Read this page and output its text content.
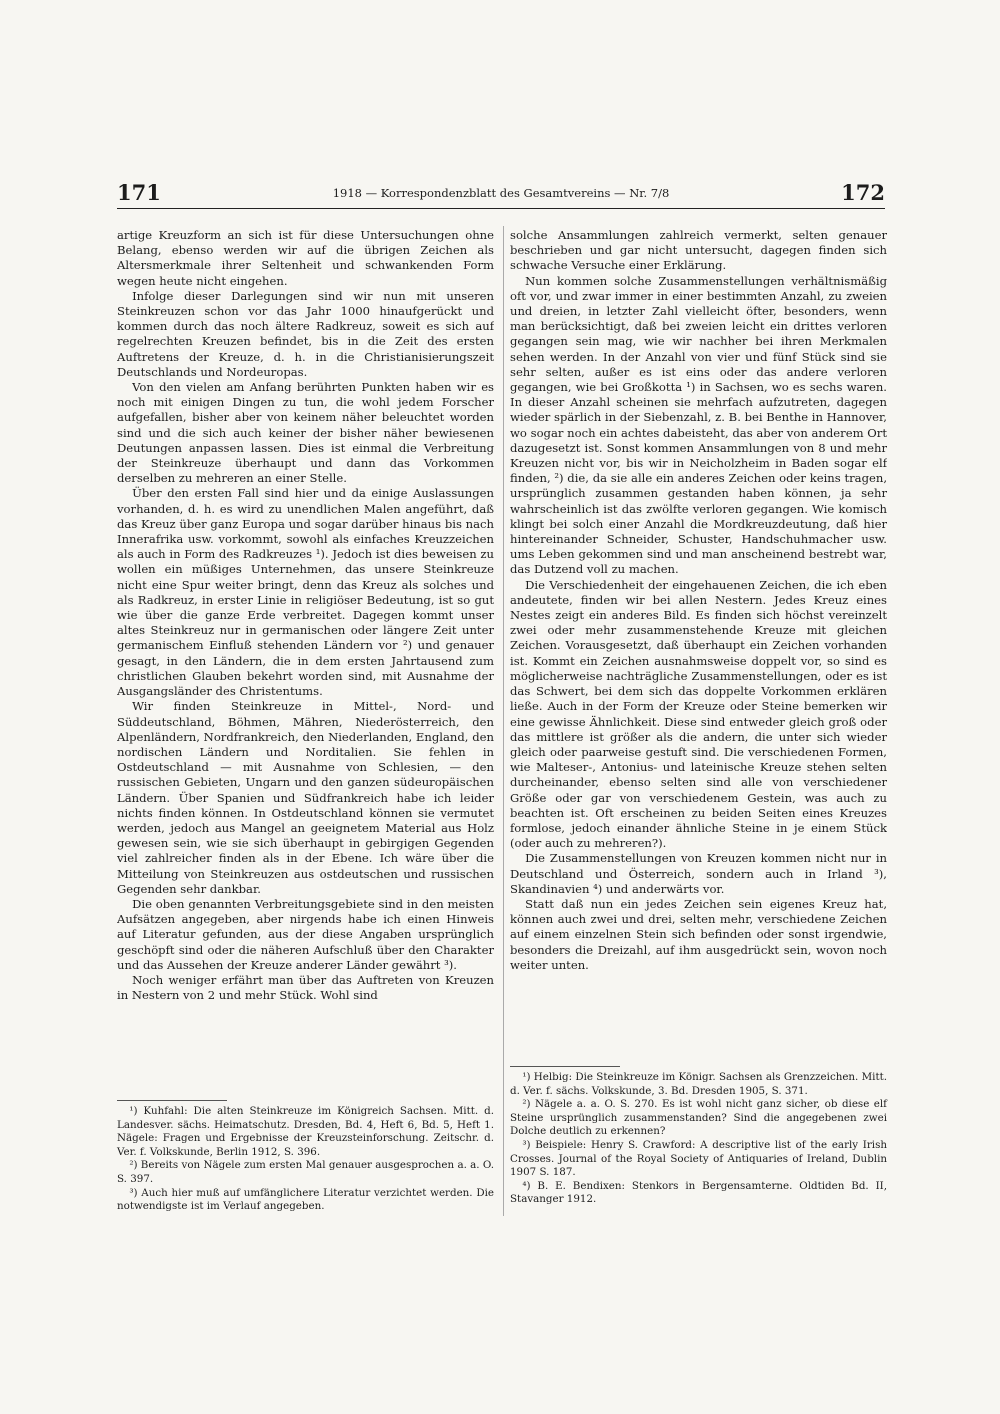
171	1918 — Korrespondenzblatt des Gesamtvereins — Nr. 7/8	172

artige Kreuzform an sich ist für diese Untersuchungen ohne Belang, ebenso werden wir auf die übrigen Zeichen als Altersmerkmale ihrer Seltenheit und schwankenden Form wegen heute nicht eingehen.

Infolge dieser Darlegungen sind wir nun mit unseren Steinkreuzen schon vor das Jahr 1000 hinaufgerückt und kommen durch das noch ältere Radkreuz, soweit es sich auf regelrechten Kreuzen befindet, bis in die Zeit des ersten Auftretens der Kreuze, d. h. in die Christianisierungszeit Deutschlands und Nordeuropas.

Von den vielen am Anfang berührten Punkten haben wir es noch mit einigen Dingen zu tun, die wohl jedem Forscher aufgefallen, bisher aber von keinem näher beleuchtet worden sind und die sich auch keiner der bisher näher bewiesenen Deutungen anpassen lassen. Dies ist einmal die Verbreitung der Steinkreuze überhaupt und dann das Vorkommen derselben zu mehreren an einer Stelle.

Über den ersten Fall sind hier und da einige Auslassungen vorhanden, d. h. es wird zu unendlichen Malen angeführt, daß das Kreuz über ganz Europa und sogar darüber hinaus bis nach Innerafrika usw. vorkommt, sowohl als einfaches Kreuzzeichen als auch in Form des Radkreuzes ¹). Jedoch ist dies beweisen zu wollen ein müßiges Unternehmen, das unsere Steinkreuze nicht eine Spur weiter bringt, denn das Kreuz als solches und als Radkreuz, in erster Linie in religiöser Bedeutung, ist so gut wie über die ganze Erde verbreitet. Dagegen kommt unser altes Steinkreuz nur in germanischen oder längere Zeit unter germanischem Einfluß stehenden Ländern vor ²) und genauer gesagt, in den Ländern, die in dem ersten Jahrtausend zum christlichen Glauben bekehrt worden sind, mit Ausnahme der Ausgangsländer des Christentums.

Wir finden Steinkreuze in Mittel-, Nord- und Süddeutschland, Böhmen, Mähren, Niederösterreich, den Alpenländern, Nordfrankreich, den Niederlanden, England, den nordischen Ländern und Norditalien. Sie fehlen in Ostdeutschland — mit Ausnahme von Schlesien, — den russischen Gebieten, Ungarn und den ganzen südeuropäischen Ländern. Über Spanien und Südfrankreich habe ich leider nichts finden können. In Ostdeutschland können sie vermutet werden, jedoch aus Mangel an geeignetem Material aus Holz gewesen sein, wie sie sich überhaupt in gebirgigen Gegenden viel zahlreicher finden als in der Ebene. Ich wäre über die Mitteilung von Steinkreuzen aus ostdeutschen und russischen Gegenden sehr dankbar.

Die oben genannten Verbreitungsgebiete sind in den meisten Aufsätzen angegeben, aber nirgends habe ich einen Hinweis auf Literatur gefunden, aus der diese Angaben ursprünglich geschöpft sind oder die näheren Aufschluß über den Charakter und das Aussehen der Kreuze anderer Länder gewährt ³).

Noch weniger erfährt man über das Auftreten von Kreuzen in Nestern von 2 und mehr Stück. Wohl sind

¹) Kuhfahl: Die alten Steinkreuze im Königreich Sachsen. Mitt. d. Landesver. sächs. Heimatschutz. Dresden, Bd. 4, Heft 6, Bd. 5, Heft 1. Nägele: Fragen und Ergebnisse der Kreuzsteinforschung. Zeitschr. d. Ver. f. Volkskunde, Berlin 1912, S. 396.

²) Bereits von Nägele zum ersten Mal genauer ausgesprochen a. a. O. S. 397.

³) Auch hier muß auf umfänglichere Literatur verzichtet werden. Die notwendigste ist im Verlauf angegeben.

solche Ansammlungen zahlreich vermerkt, selten genauer beschrieben und gar nicht untersucht, dagegen finden sich schwache Versuche einer Erklärung.

Nun kommen solche Zusammenstellungen verhältnismäßig oft vor, und zwar immer in einer bestimmten Anzahl, zu zweien und dreien, in letzter Zahl vielleicht öfter, besonders, wenn man berücksichtigt, daß bei zweien leicht ein drittes verloren gegangen sein mag, wie wir nachher bei ihren Merkmalen sehen werden. In der Anzahl von vier und fünf Stück sind sie sehr selten, außer es ist eins oder das andere verloren gegangen, wie bei Großkotta ¹) in Sachsen, wo es sechs waren. In dieser Anzahl scheinen sie mehrfach aufzutreten, dagegen wieder spärlich in der Siebenzahl, z. B. bei Benthe in Hannover, wo sogar noch ein achtes dabeisteht, das aber von anderem Ort dazugesetzt ist. Sonst kommen Ansammlungen von 8 und mehr Kreuzen nicht vor, bis wir in Neicholzheim in Baden sogar elf finden, ²) die, da sie alle ein anderes Zeichen oder keins tragen, ursprünglich zusammen gestanden haben können, ja sehr wahrscheinlich ist das zwölfte verloren gegangen. Wie komisch klingt bei solch einer Anzahl die Mordkreuzdeutung, daß hier hintereinander Schneider, Schuster, Handschuhmacher usw. ums Leben gekommen sind und man anscheinend bestrebt war, das Dutzend voll zu machen.

Die Verschiedenheit der eingehauenen Zeichen, die ich eben andeutete, finden wir bei allen Nestern. Jedes Kreuz eines Nestes zeigt ein anderes Bild. Es finden sich höchst vereinzelt zwei oder mehr zusammenstehende Kreuze mit gleichen Zeichen. Vorausgesetzt, daß überhaupt ein Zeichen vorhanden ist. Kommt ein Zeichen ausnahmsweise doppelt vor, so sind es möglicherweise nachträgliche Zusammenstellungen, oder es ist das Schwert, bei dem sich das doppelte Vorkommen erklären ließe. Auch in der Form der Kreuze oder Steine bemerken wir eine gewisse Ähnlichkeit. Diese sind entweder gleich groß oder das mittlere ist größer als die andern, die unter sich wieder gleich oder paarweise gestuft sind. Die verschiedenen Formen, wie Malteser-, Antonius- und lateinische Kreuze stehen selten durcheinander, ebenso selten sind alle von verschiedener Größe oder gar von verschiedenem Gestein, was auch zu beachten ist. Oft erscheinen zu beiden Seiten eines Kreuzes formlose, jedoch einander ähnliche Steine in je einem Stück (oder auch zu mehreren?).

Die Zusammenstellungen von Kreuzen kommen nicht nur in Deutschland und Österreich, sondern auch in Irland ³), Skandinavien ⁴) und anderwärts vor.

Statt daß nun ein jedes Zeichen sein eigenes Kreuz hat, können auch zwei und drei, selten mehr, verschiedene Zeichen auf einem einzelnen Stein sich befinden oder sonst irgendwie, besonders die Dreizahl, auf ihm ausgedrückt sein, wovon noch weiter unten.

¹) Helbig: Die Steinkreuze im Königr. Sachsen als Grenzzeichen. Mitt. d. Ver. f. sächs. Volkskunde, 3. Bd. Dresden 1905, S. 371.

²) Nägele a. a. O. S. 270. Es ist wohl nicht ganz sicher, ob diese elf Steine ursprünglich zusammenstanden? Sind die angegebenen zwei Dolche deutlich zu erkennen?

³) Beispiele: Henry S. Crawford: A descriptive list of the early Irish Crosses. Journal of the Royal Society of Antiquaries of Ireland, Dublin 1907 S. 187.

⁴) B. E. Bendixen: Stenkors in Bergensamterne. Oldtiden Bd. II, Stavanger 1912.
